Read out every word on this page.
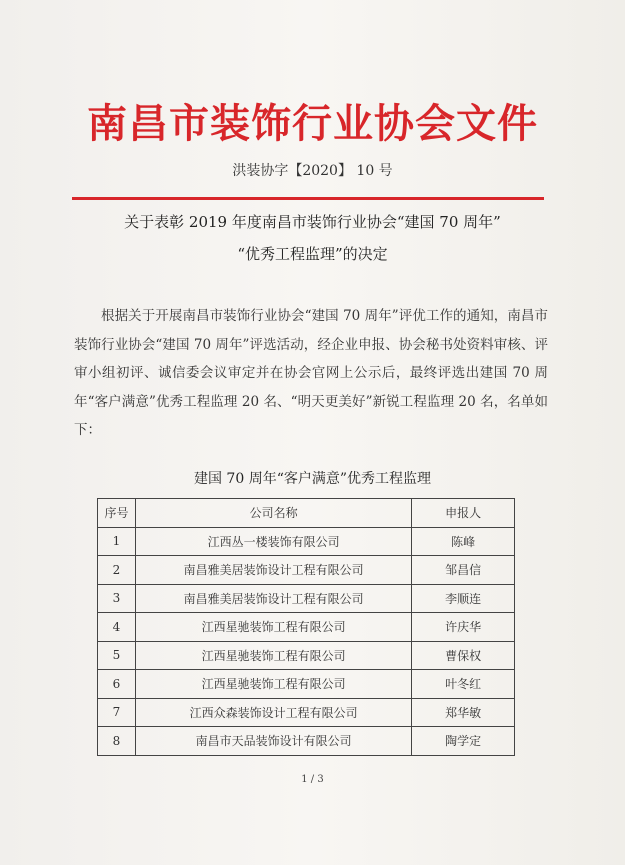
南昌市装饰行业协会文件
洪装协字【2020】 10 号
关于表彰 2019 年度南昌市装饰行业协会“建国 70 周年”
“优秀工程监理”的决定

根据关于开展南昌市装饰行业协会“建国 70 周年”评优工作的通知，南昌市装饰行业协会“建国 70 周年”评选活动，经企业申报、协会秘书处资料审核、评审小组初评、诚信委会议审定并在协会官网上公示后，最终评选出建国 70 周年“客户满意”优秀工程监理 20 名、“明天更美好”新锐工程监理 20 名，名单如下：

建国 70 周年“客户满意”优秀工程监理
序号	公司名称	申报人
1	江西丛一楼装饰有限公司	陈峰
2	南昌雅美居装饰设计工程有限公司	邹昌信
3	南昌雅美居装饰设计工程有限公司	李顺连
4	江西星驰装饰工程有限公司	许庆华
5	江西星驰装饰工程有限公司	曹保权
6	江西星驰装饰工程有限公司	叶冬红
7	江西众森装饰设计工程有限公司	郑华敏
8	南昌市天品装饰设计有限公司	陶学定
1 / 3
